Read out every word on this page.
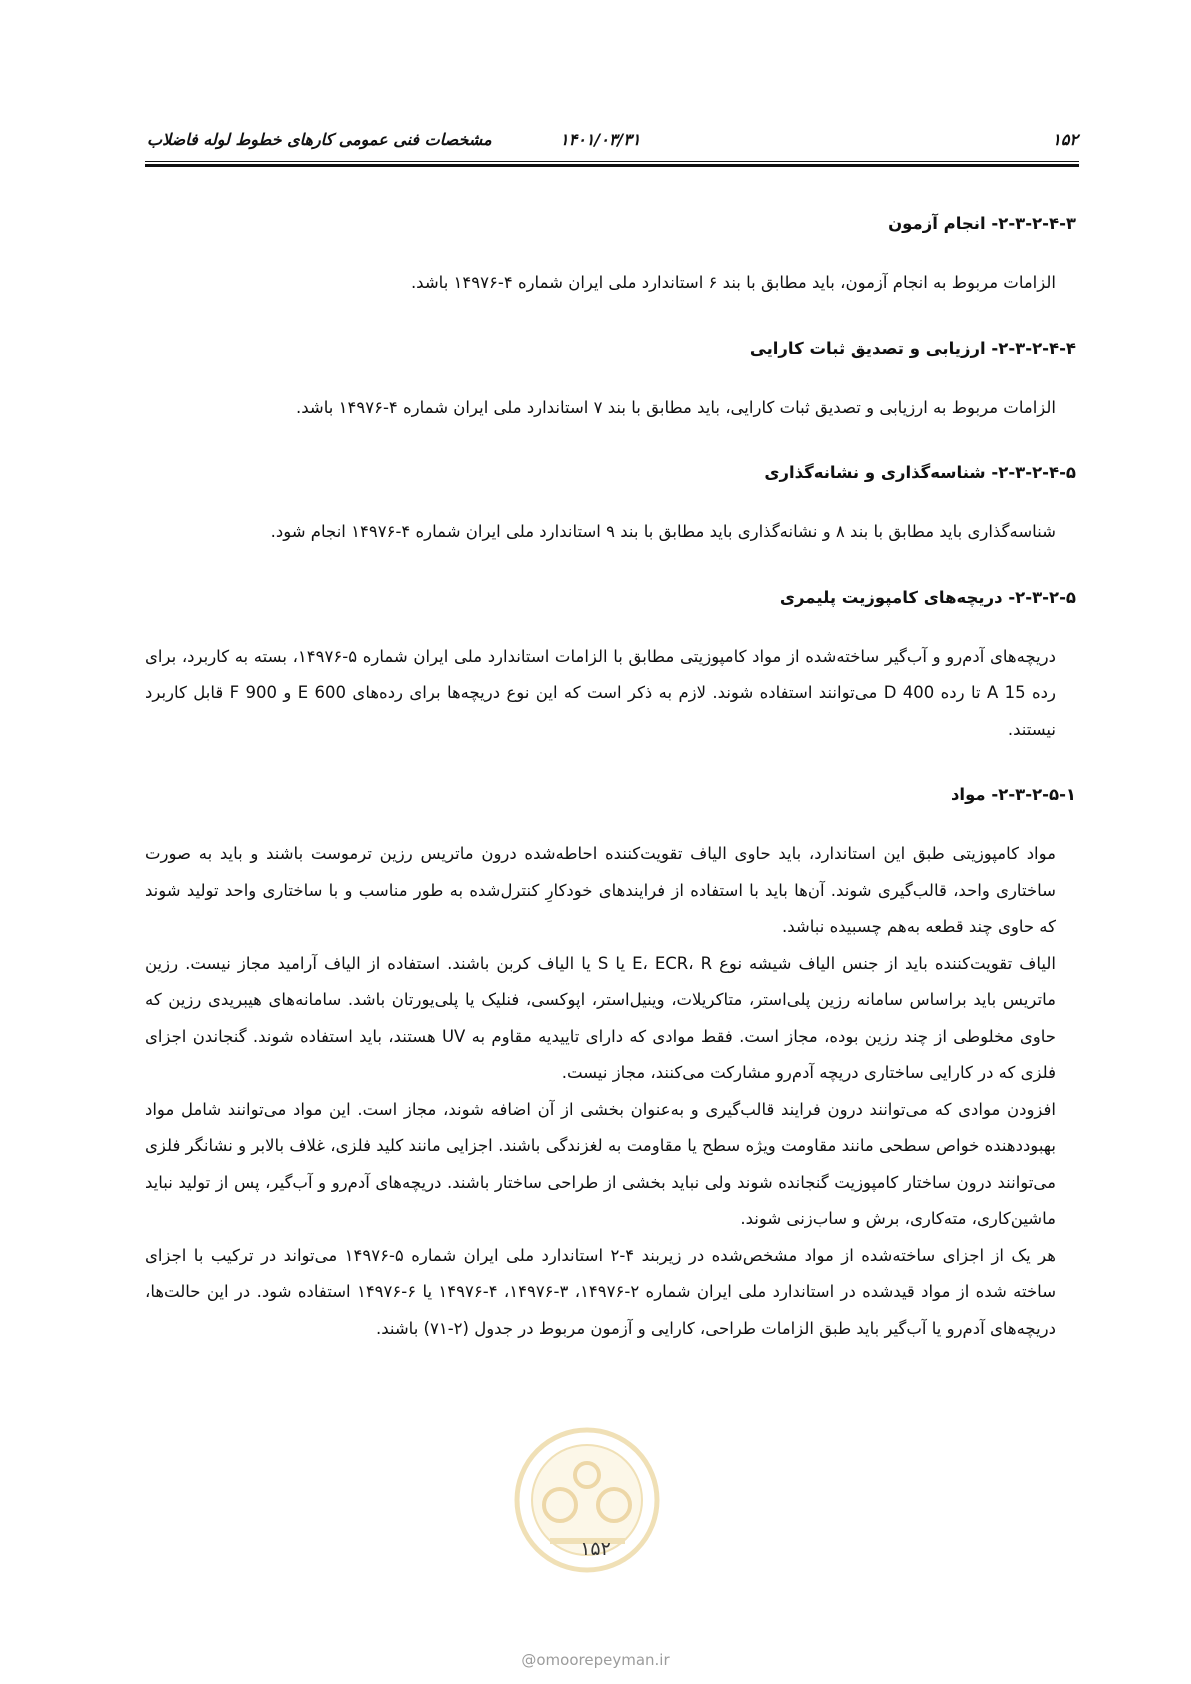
۱۵۲
۱۴۰۱/۰۳/۳۱
مشخصات فنی عمومی کارهای خطوط لوله فاضلاب
۲-۳-۲-۴-۳- انجام آزمون

الزامات مربوط به انجام آزمون، باید مطابق با بند ۶ استاندارد ملی ایران شماره ۴-۱۴۹۷۶ باشد.

۲-۳-۲-۴-۴- ارزیابی و تصدیق ثبات کارایی

الزامات مربوط به ارزیابی و تصدیق ثبات کارایی، باید مطابق با بند ۷ استاندارد ملی ایران شماره ۴-۱۴۹۷۶ باشد.

۲-۳-۲-۴-۵- شناسه‌گذاری و نشانه‌گذاری

شناسه‌گذاری باید مطابق با بند ۸ و نشانه‌گذاری باید مطابق با بند ۹ استاندارد ملی ایران شماره ۴-۱۴۹۷۶ انجام شود.

۲-۳-۲-۵- دریچه‌های کامپوزیت پلیمری

دریچه‌های آدم‌رو و آب‌گیر ساخته‌شده از مواد کامپوزیتی مطابق با الزامات استاندارد ملی ایران شماره ۵-۱۴۹۷۶، بسته به کاربرد، برای رده A 15 تا رده D 400 می‌توانند استفاده شوند. لازم به ذکر است که این نوع دریچه‌ها برای رده‌های E 600 و F 900 قابل کاربرد نیستند.

۲-۳-۲-۵-۱- مواد

مواد کامپوزیتی طبق این استاندارد، باید حاوی الیاف تقویت‌کننده احاطه‌شده درون ماتریس رزین ترموست باشند و باید به صورت ساختاری واحد، قالب‌گیری شوند. آن‌ها باید با استفاده از فرایندهای خودکارِ کنترل‌شده به طور مناسب و با ساختاری واحد تولید شوند که حاوی چند قطعه به‌هم چسبیده نباشد.

الیاف تقویت‌کننده باید از جنس الیاف شیشه نوع E، ECR، R یا S یا الیاف کربن باشند. استفاده از الیاف آرامید مجاز نیست. رزین ماتریس باید براساس سامانه رزین پلی‌استر، متاکریلات، وینیل‌استر، اپوکسی، فنلیک یا پلی‌یورتان باشد. سامانه‌های هیبریدی رزین که حاوی مخلوطی از چند رزین بوده، مجاز است. فقط موادی که دارای تاییدیه مقاوم به UV هستند، باید استفاده شوند. گنجاندن اجزای فلزی که در کارایی ساختاری دریچه آدم‌رو مشارکت می‌کنند، مجاز نیست.

افزودن موادی که می‌توانند درون فرایند قالب‌گیری و به‌عنوان بخشی از آن اضافه شوند، مجاز است. این مواد می‌توانند شامل مواد بهبوددهنده خواص سطحی مانند مقاومت ویژه سطح یا مقاومت به لغزندگی باشند. اجزایی مانند کلید فلزی، غلاف بالابر و نشانگر فلزی می‌توانند درون ساختار کامپوزیت گنجانده شوند ولی نباید بخشی از طراحی ساختار باشند. دریچه‌های آدم‌رو و آب‌گیر، پس از تولید نباید ماشین‌کاری، مته‌کاری، برش و ساب‌زنی شوند.

هر یک از اجزای ساخته‌شده از مواد مشخص‌شده در زیربند ۴-۲ استاندارد ملی ایران شماره ۵-۱۴۹۷۶ می‌تواند در ترکیب با اجزای ساخته شده از مواد قیدشده در استاندارد ملی ایران شماره ۲-۱۴۹۷۶، ۳-۱۴۹۷۶، ۴-۱۴۹۷۶ یا ۶-۱۴۹۷۶ استفاده شود. در این حالت‌ها، دریچه‌های آدم‌رو یا آب‌گیر باید طبق الزامات طراحی، کارایی و آزمون مربوط در جدول (۲-۷۱) باشند.

۱۵۲
@omoorepeyman.ir
